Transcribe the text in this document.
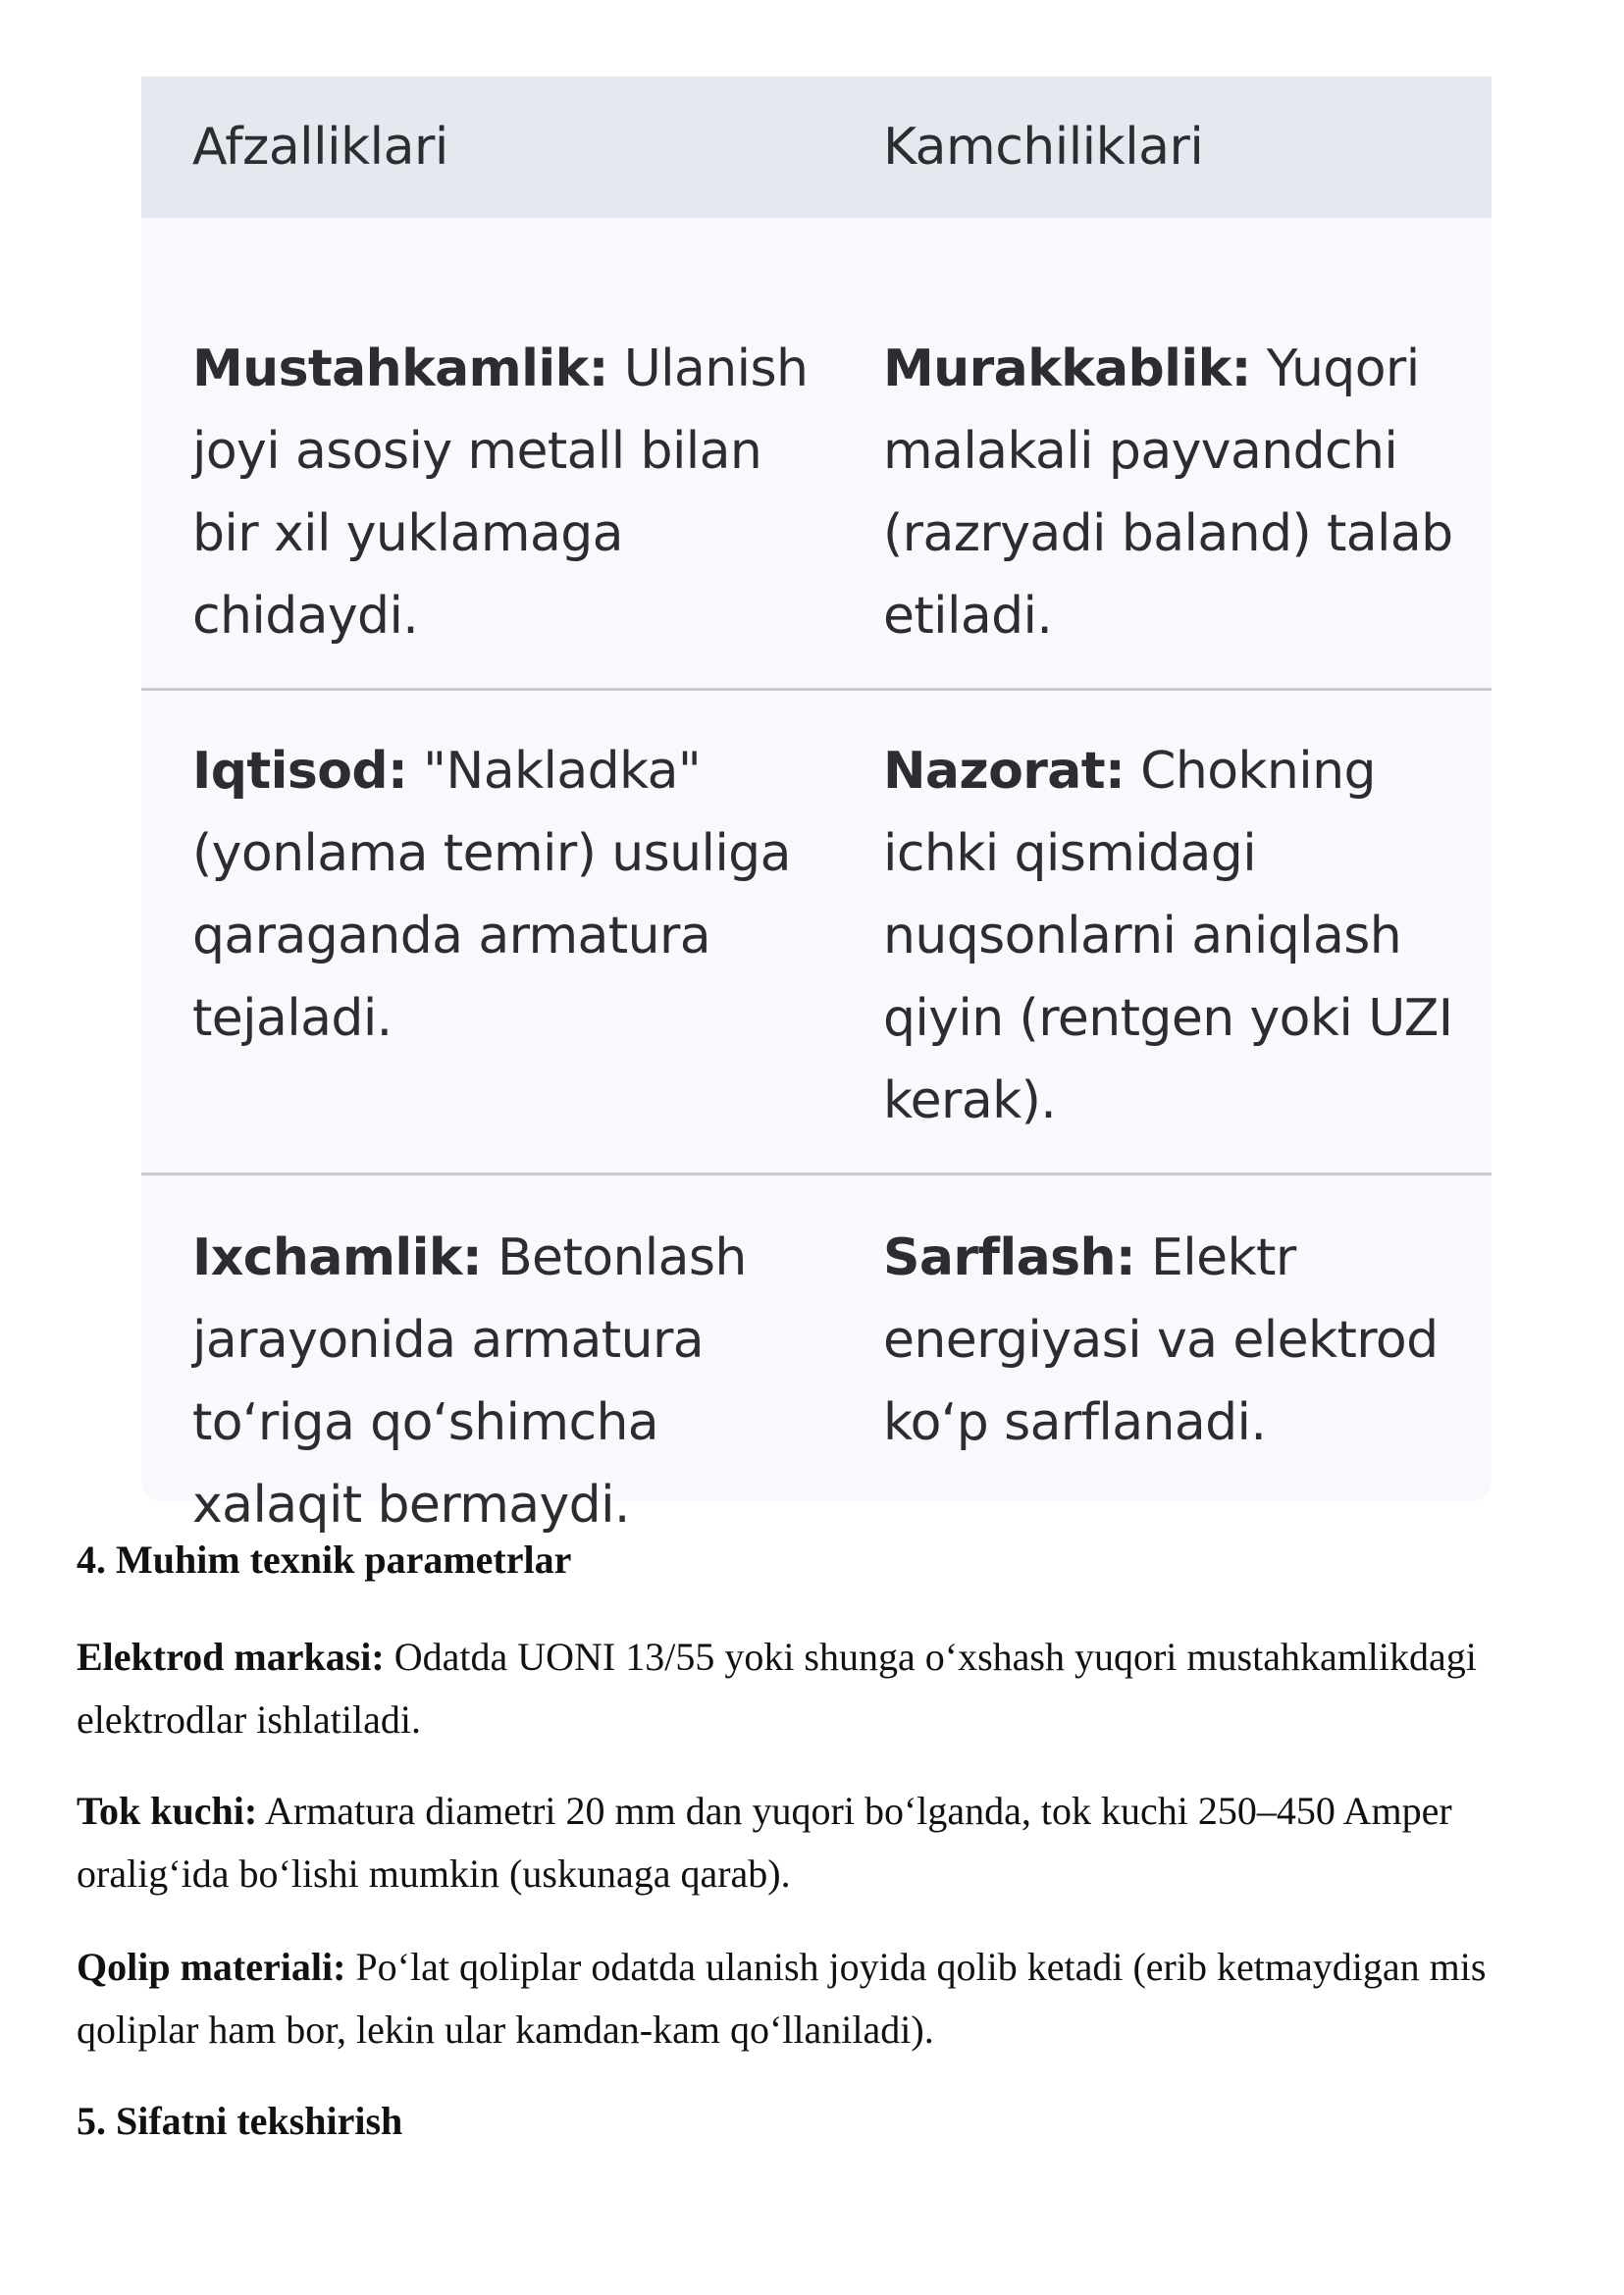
Afzalliklari	Kamchiliklari
Mustahkamlik: Ulanish joyi asosiy metall bilan bir xil yuklamaga chidaydi.
Murakkablik: Yuqori malakali payvandchi (razryadi baland) talab etiladi.
Iqtisod: "Nakladka" (yonlama temir) usuliga qaraganda armatura tejaladi.
Nazorat: Chokning ichki qismidagi nuqsonlarni aniqlash qiyin (rentgen yoki UZI kerak).
Ixchamlik: Betonlash jarayonida armatura to‘riga qo‘shimcha xalaqit bermaydi.
Sarflash: Elektr energiyasi va elektrod ko‘p sarflanadi.
4. Muhim texnik parametrlar
Elektrod markasi: Odatda UONI 13/55 yoki shunga o‘xshash yuqori mustahkamlikdagi elektrodlar ishlatiladi.
Tok kuchi: Armatura diametri 20 mm dan yuqori bo‘lganda, tok kuchi 250–450 Amper oralig‘ida bo‘lishi mumkin (uskunaga qarab).
Qolip materiali: Po‘lat qoliplar odatda ulanish joyida qolib ketadi (erib ketmaydigan mis qoliplar ham bor, lekin ular kamdan-kam qo‘llaniladi).
5. Sifatni tekshirish
